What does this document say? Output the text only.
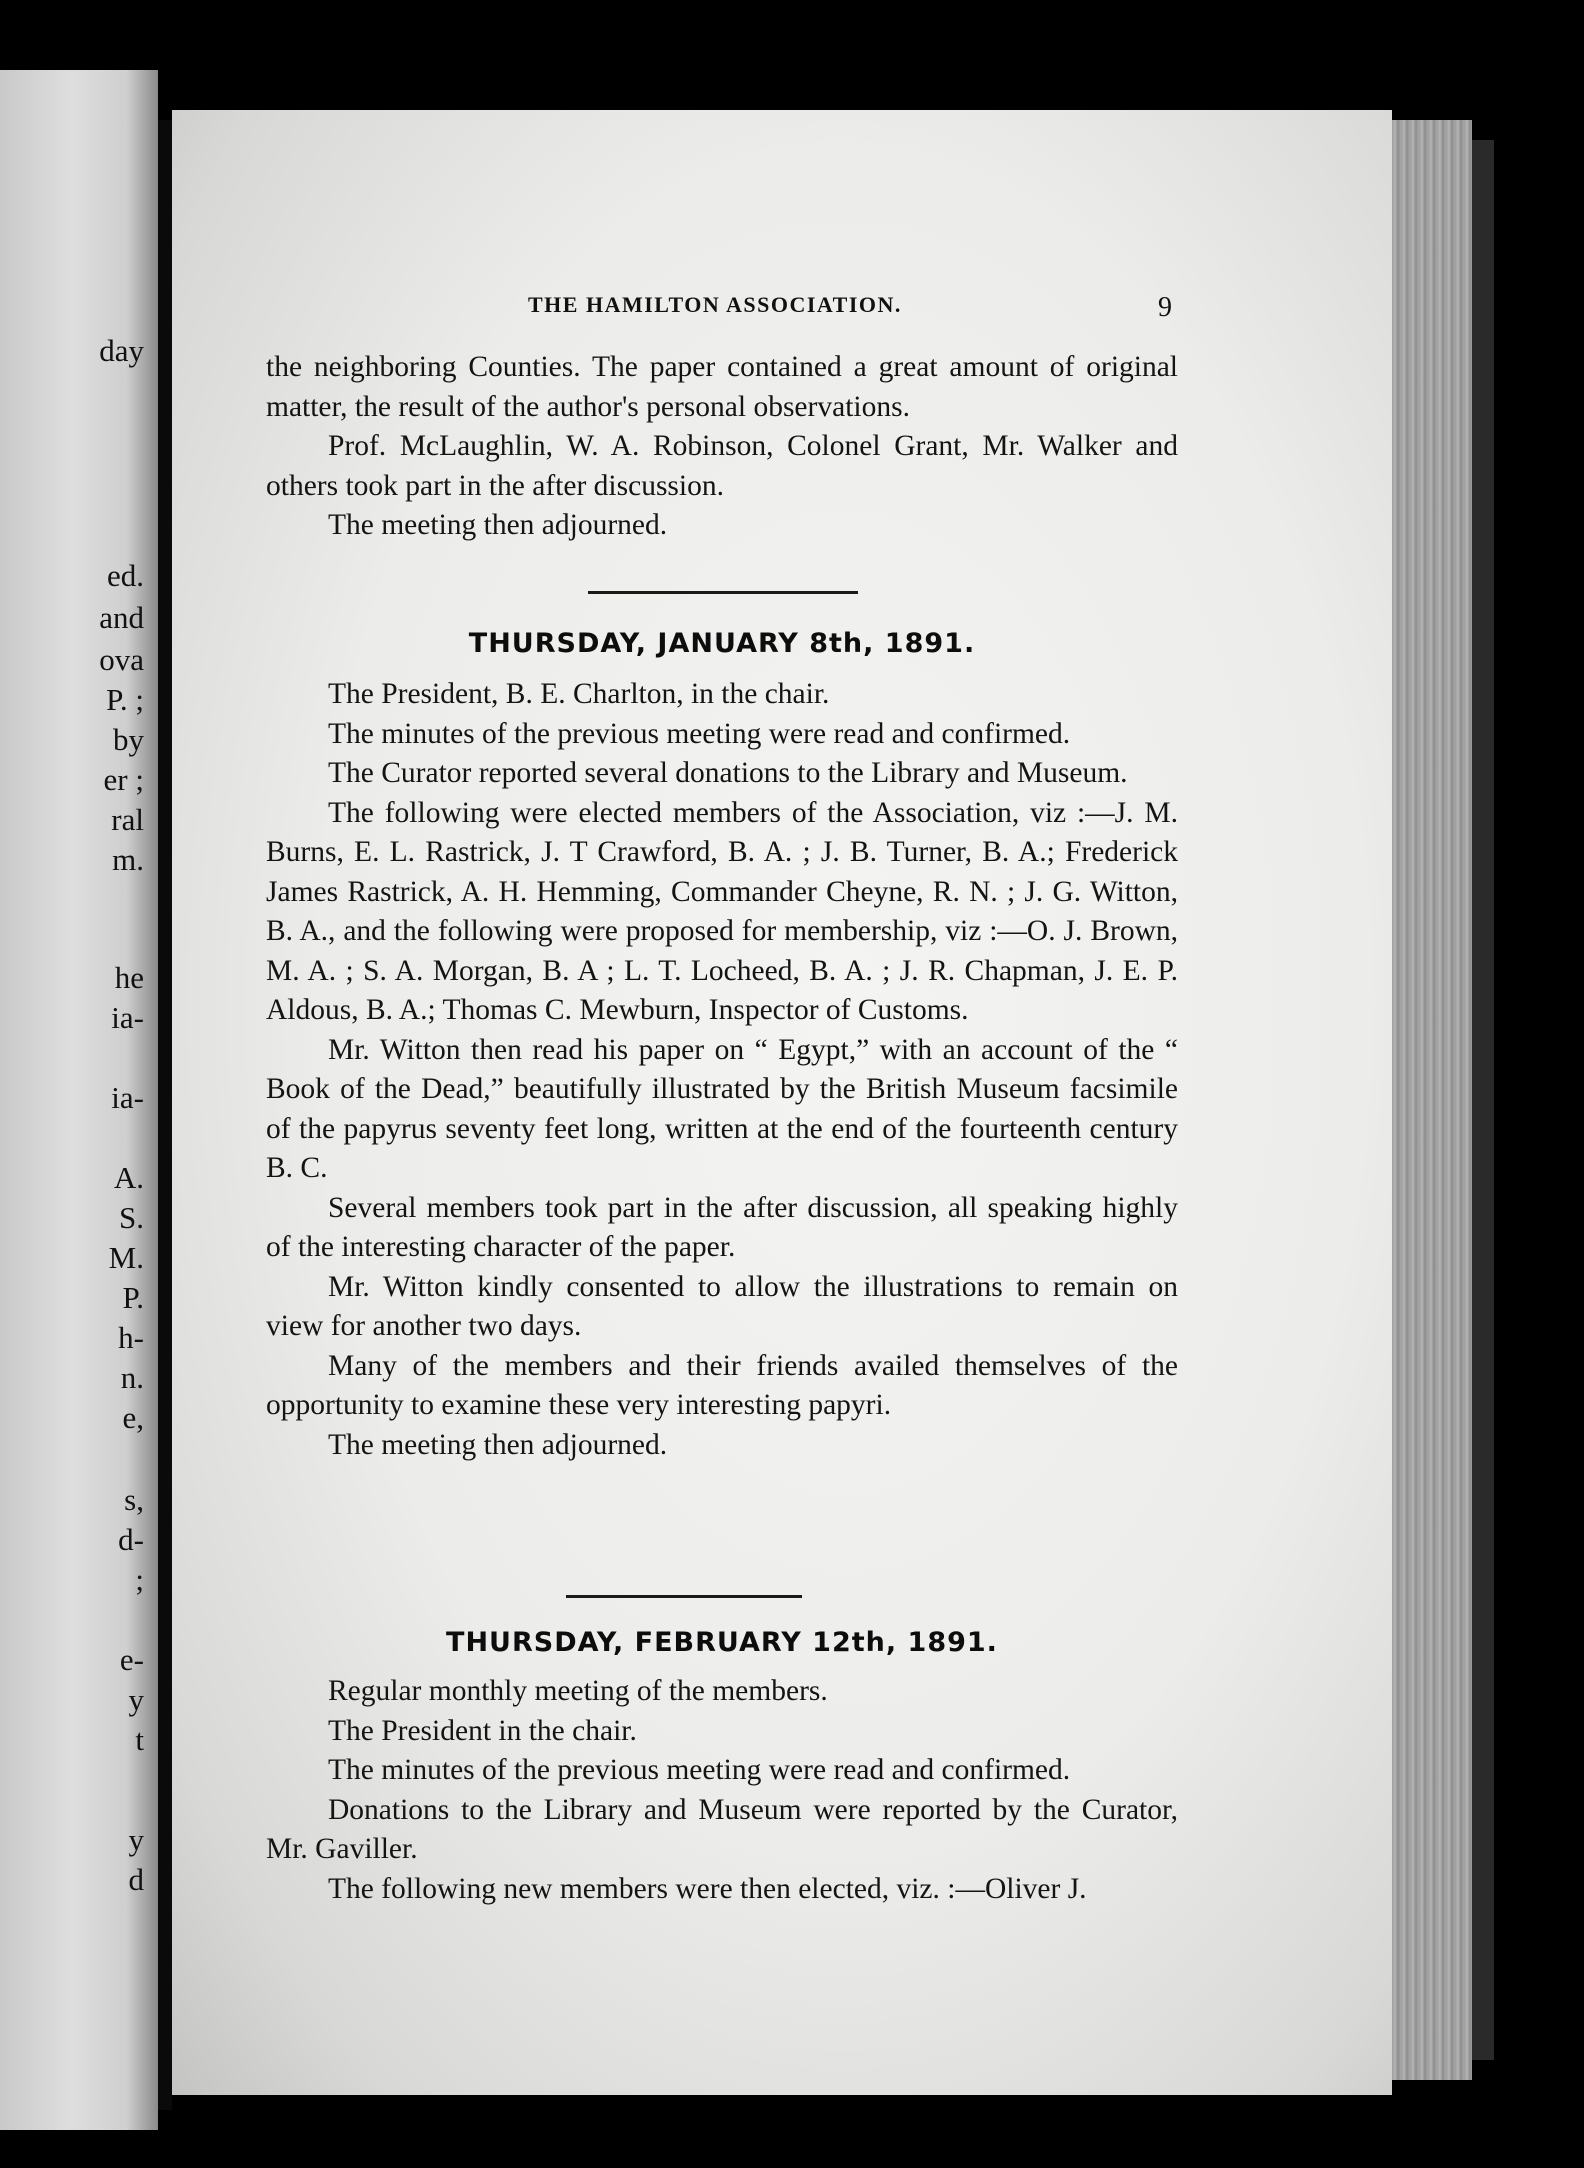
day
ed.
and
ova
P. ;
by
er ;
ral
m.
he
ia-
ia-
A.
S.
M.
P.
h-
n.
e,
s,
d-
;
e-
y
t
y
d
THE HAMILTON ASSOCIATION.	9

the neighboring Counties. The paper contained a great amount of original matter, the result of the author's personal observations.

Prof. McLaughlin, W. A. Robinson, Colonel Grant, Mr. Walker and others took part in the after discussion.

The meeting then adjourned.

THURSDAY, JANUARY 8th, 1891.

The President, B. E. Charlton, in the chair.

The minutes of the previous meeting were read and confirmed.

The Curator reported several donations to the Library and Museum.

The following were elected members of the Association, viz :—J. M. Burns, E. L. Rastrick, J. T Crawford, B. A. ; J. B. Turner, B. A.; Frederick James Rastrick, A. H. Hemming, Commander Cheyne, R. N. ; J. G. Witton, B. A., and the following were proposed for membership, viz :—O. J. Brown, M. A. ; S. A. Morgan, B. A ; L. T. Locheed, B. A. ; J. R. Chapman, J. E. P. Aldous, B. A.; Thomas C. Mewburn, Inspector of Customs.

Mr. Witton then read his paper on “ Egypt,” with an account of the “ Book of the Dead,” beautifully illustrated by the British Museum facsimile of the papyrus seventy feet long, written at the end of the fourteenth century B. C.

Several members took part in the after discussion, all speaking highly of the interesting character of the paper.

Mr. Witton kindly consented to allow the illustrations to remain on view for another two days.

Many of the members and their friends availed themselves of the opportunity to examine these very interesting papyri.

The meeting then adjourned.

THURSDAY, FEBRUARY 12th, 1891.

Regular monthly meeting of the members.

The President in the chair.

The minutes of the previous meeting were read and confirmed.

Donations to the Library and Museum were reported by the Curator, Mr. Gaviller.

The following new members were then elected, viz. :—Oliver J.
